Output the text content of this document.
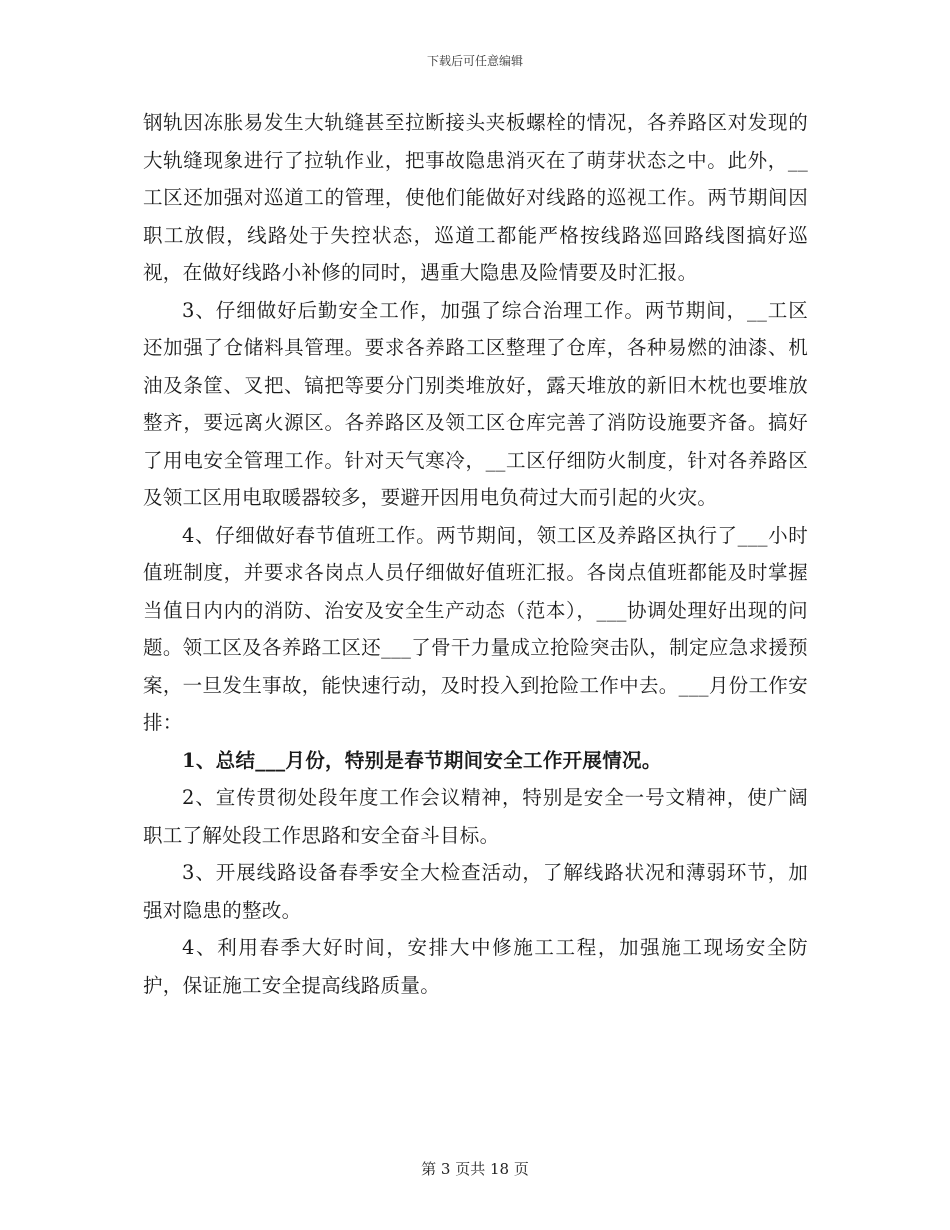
下载后可任意编辑

钢轨因冻胀易发生大轨缝甚至拉断接头夹板螺栓的情况，各养路区对发现的大轨缝现象进行了拉轨作业，把事故隐患消灭在了萌芽状态之中。此外，__工区还加强对巡道工的管理，使他们能做好对线路的巡视工作。两节期间因职工放假，线路处于失控状态，巡道工都能严格按线路巡回路线图搞好巡视，在做好线路小补修的同时，遇重大隐患及险情要及时汇报。

3、仔细做好后勤安全工作，加强了综合治理工作。两节期间，__工区还加强了仓储料具管理。要求各养路工区整理了仓库，各种易燃的油漆、机油及条筐、叉把、镐把等要分门别类堆放好，露天堆放的新旧木枕也要堆放整齐，要远离火源区。各养路区及领工区仓库完善了消防设施要齐备。搞好了用电安全管理工作。针对天气寒冷，__工区仔细防火制度，针对各养路区及领工区用电取暖器较多，要避开因用电负荷过大而引起的火灾。

4、仔细做好春节值班工作。两节期间，领工区及养路区执行了___小时值班制度，并要求各岗点人员仔细做好值班汇报。各岗点值班都能及时掌握当值日内内的消防、治安及安全生产动态（范本），___协调处理好出现的问题。领工区及各养路工区还___了骨干力量成立抢险突击队，制定应急求援预案，一旦发生事故，能快速行动，及时投入到抢险工作中去。___月份工作安排：

1、总结___月份，特别是春节期间安全工作开展情况。

2、宣传贯彻处段年度工作会议精神，特别是安全一号文精神，使广阔职工了解处段工作思路和安全奋斗目标。

3、开展线路设备春季安全大检查活动，了解线路状况和薄弱环节，加强对隐患的整改。

4、利用春季大好时间，安排大中修施工工程，加强施工现场安全防护，保证施工安全提高线路质量。

第 3 页共 18 页
